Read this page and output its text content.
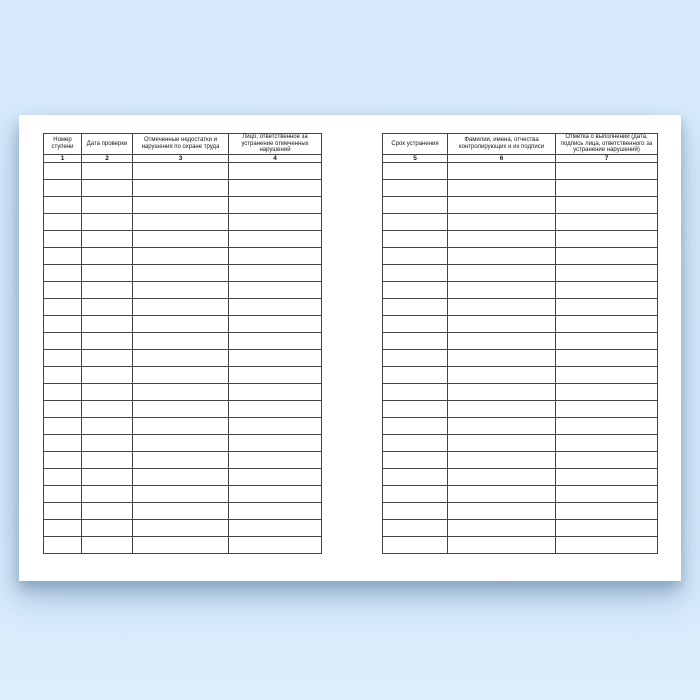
Номер ступени	Дата проверки	Отмеченные недостатки и нарушения по охране труда	Лицо, ответственное за устранение отмеченных нарушений
1	2	3	4

Срок устранения	Фамилии, имена, отчества контролирующих и их подписи	Отметка о выполнении (дата, подпись лица, ответственного за устранение нарушений)
5	6	7
